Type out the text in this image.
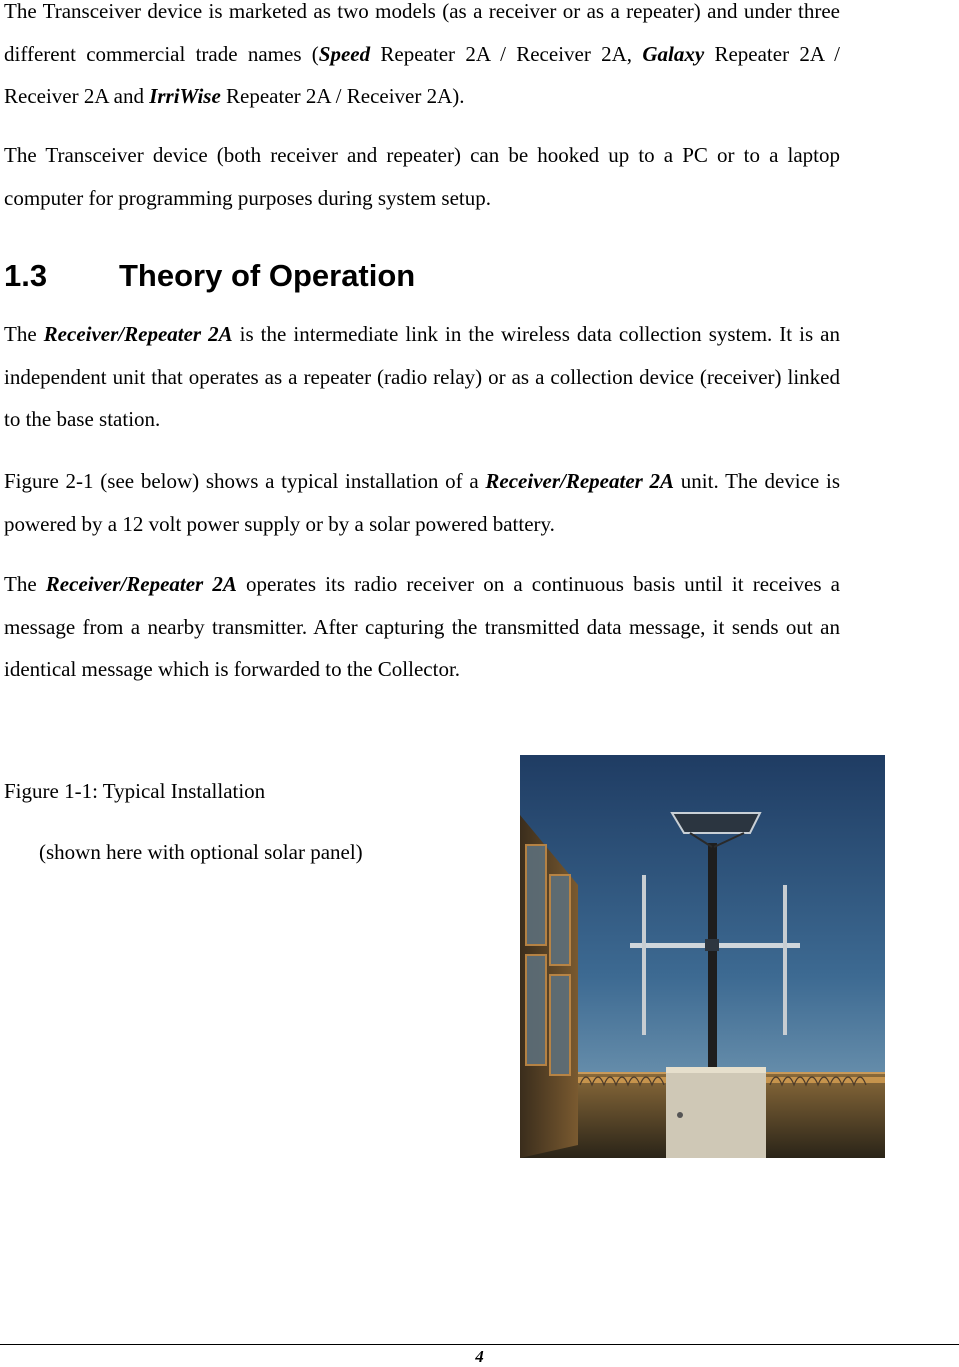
The Transceiver device is marketed as two models (as a receiver or as a repeater) and under three different commercial trade names (Speed Repeater 2A / Receiver 2A, Galaxy Repeater 2A / Receiver 2A and IrriWise Repeater 2A / Receiver 2A).

The Transceiver device (both receiver and repeater) can be hooked up to a PC or to a laptop computer for programming purposes during system setup.

1.3	Theory of Operation

The Receiver/Repeater 2A is the intermediate link in the wireless data collection system. It is an independent unit that operates as a repeater (radio relay) or as a collection device (receiver) linked to the base station.

Figure 2-1 (see below) shows a typical installation of a Receiver/Repeater 2A unit. The device is powered by a 12 volt power supply or by a solar powered battery.

The Receiver/Repeater 2A operates its radio receiver on a continuous basis until it receives a message from a nearby transmitter. After capturing the transmitted data message, it sends out an identical message which is forwarded to the Collector.

Figure 1-1: Typical Installation

(shown here with optional solar panel)

4
